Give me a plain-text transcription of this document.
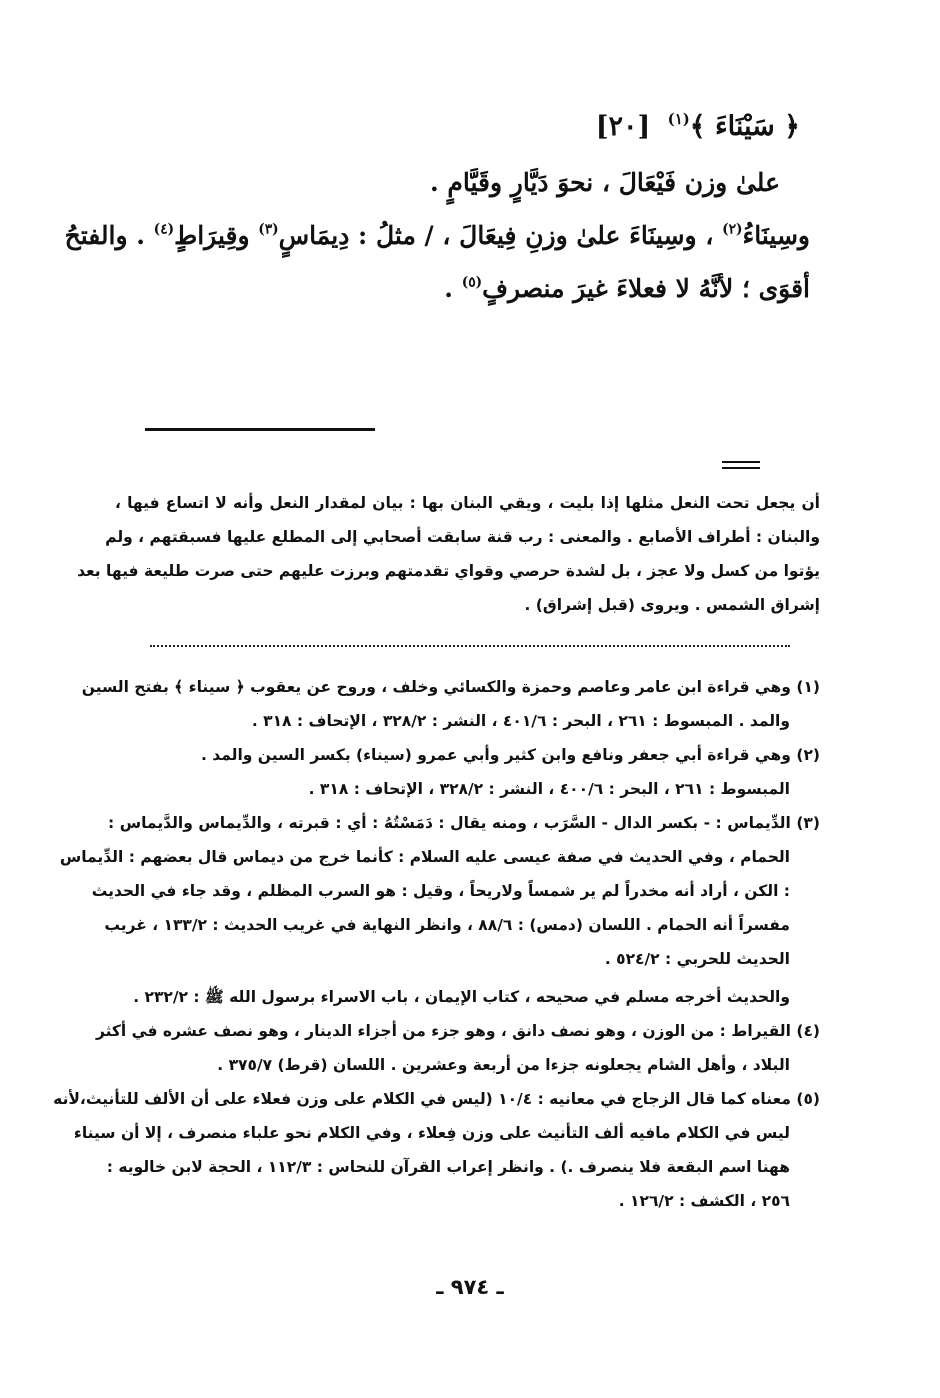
﴿ سَيْنَاءَ ﴾$^{(١)}$ [٢٠]
علىٰ وزن فَيْعَالَ ، نحوَ دَيَّارٍ وقَيَّامٍ .
وسِينَاءُ$^{(٢)}$ ، وسِينَاءَ علىٰ وزنِ فِيعَالَ ، / مثلُ : دِيمَاسٍ$^{(٣)}$ وقِيرَاطٍ$^{(٤)}$ . والفتحُ
أقوَى ؛ لأنَّهُ لا فعلاءَ غيرَ منصرفٍ$^{(٥)}$ .
أن يجعل تحت النعل مثلها إذا بليت ، ويقي البنان بها : بيان لمقدار النعل وأنه لا اتساع فيها ،
والبنان : أطراف الأصابع . والمعنى : رب قنة سابقت أصحابي إلى المطلع عليها فسبقتهم ، ولم
يؤتوا من كسل ولا عجز ، بل لشدة حرصي وقواي تقدمتهم وبرزت عليهم حتى صرت طليعة فيها بعد
إشراق الشمس . ويروى (قبل إشراق) .
(١) وهي قراءة ابن عامر وعاصم وحمزة والكسائي وخلف ، وروح عن يعقوب ﴿ سيناء ﴾ بفتح السين
والمد . المبسوط : ٢٦١ ، البحر : ٤٠١/٦ ، النشر : ٣٢٨/٢ ، الإتحاف : ٣١٨ .
(٢) وهي قراءة أبي جعفر ونافع وابن كثير وأبي عمرو (سيناء) بكسر السين والمد .
المبسوط : ٢٦١ ، البحر : ٤٠٠/٦ ، النشر : ٣٢٨/٢ ، الإتحاف : ٣١٨ .
(٣) الدِّيماس : - بكسر الدال - السَّرَب ، ومنه يقال : دَمَسْتُهُ : أي : قبرته ، والدِّيماس والدَّيماس :
الحمام ، وفي الحديث في صفة عيسى عليه السلام : كأنما خرج من ديماس قال بعضهم : الدِّيماس
: الكن ، أراد أنه مخدراً لم ير شمساً ولاريحاً ، وقيل : هو السرب المظلم ، وقد جاء في الحديث
مفسراً أنه الحمام . اللسان (دمس) : ٨٨/٦ ، وانظر النهاية في غريب الحديث : ١٣٣/٢ ، غريب
الحديث للحربي : ٥٢٤/٢ .
والحديث أخرجه مسلم في صحيحه ، كتاب الإيمان ، باب الاسراء برسول الله ﷺ : ٢٣٢/٢ .
(٤) القيراط : من الوزن ، وهو نصف دانق ، وهو جزء من أجزاء الدينار ، وهو نصف عشره في أكثر
البلاد ، وأهل الشام يجعلونه جزءا من أربعة وعشرين . اللسان (قرط) ٣٧٥/٧ .
(٥) معناه كما قال الزجاج في معانيه : ١٠/٤ (ليس في الكلام على وزن فعلاء على أن الألف للتأنيث،لأنه
ليس في الكلام مافيه ألف التأنيث على وزن فِعلاء ، وفي الكلام نحو علباء منصرف ، إلا أن سيناء
ههنا اسم البقعة فلا ينصرف .) . وانظر إعراب القرآن للنحاس : ١١٢/٣ ، الحجة لابن خالويه :
٢٥٦ ، الكشف : ١٢٦/٢ .
ـ ٩٧٤ ـ
